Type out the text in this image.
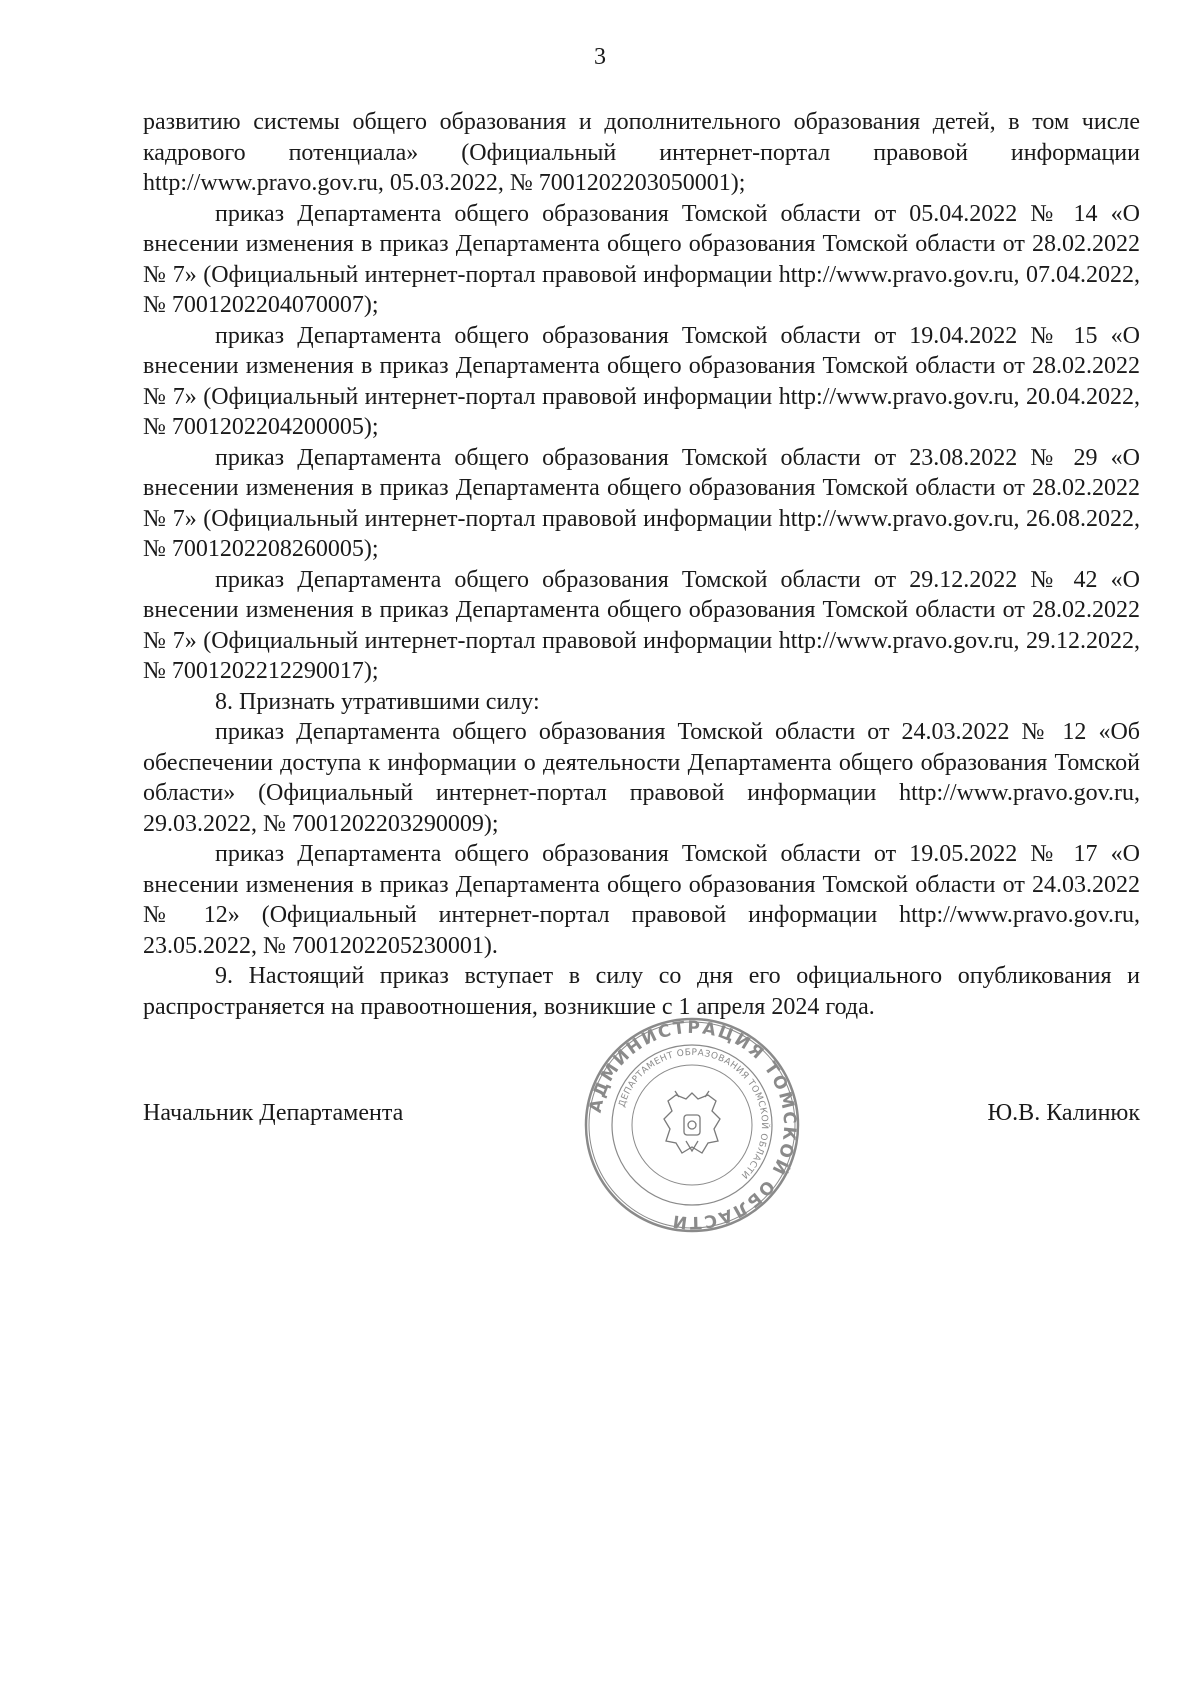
3

развитию системы общего образования и дополнительного образования детей, в том числе кадрового потенциала» (Официальный интернет-портал правовой информации http://www.pravo.gov.ru, 05.03.2022, № 7001202203050001);

приказ Департамента общего образования Томской области от 05.04.2022 № 14 «О внесении изменения в приказ Департамента общего образования Томской области от 28.02.2022 № 7» (Официальный интернет-портал правовой информации http://www.pravo.gov.ru, 07.04.2022, № 7001202204070007);

приказ Департамента общего образования Томской области от 19.04.2022 № 15 «О внесении изменения в приказ Департамента общего образования Томской области от 28.02.2022 № 7» (Официальный интернет-портал правовой информации http://www.pravo.gov.ru, 20.04.2022, № 7001202204200005);

приказ Департамента общего образования Томской области от 23.08.2022 № 29 «О внесении изменения в приказ Департамента общего образования Томской области от 28.02.2022 № 7» (Официальный интернет-портал правовой информации http://www.pravo.gov.ru, 26.08.2022, № 7001202208260005);

приказ Департамента общего образования Томской области от 29.12.2022 № 42 «О внесении изменения в приказ Департамента общего образования Томской области от 28.02.2022 № 7» (Официальный интернет-портал правовой информации http://www.pravo.gov.ru, 29.12.2022, № 7001202212290017);

8. Признать утратившими силу:

приказ Департамента общего образования Томской области от 24.03.2022 № 12 «Об обеспечении доступа к информации о деятельности Департамента общего образования Томской области» (Официальный интернет-портал правовой информации http://www.pravo.gov.ru, 29.03.2022, № 7001202203290009);

приказ Департамента общего образования Томской области от 19.05.2022 № 17 «О внесении изменения в приказ Департамента общего образования Томской области от 24.03.2022 № 12» (Официальный интернет-портал правовой информации http://www.pravo.gov.ru, 23.05.2022, № 7001202205230001).

9. Настоящий приказ вступает в силу со дня его официального опубликования и распространяется на правоотношения, возникшие с 1 апреля 2024 года.

Начальник Департамента	Ю.В. Калинюк
АДМИНИСТРАЦИЯ ТОМСКОЙ ОБЛАСТИ
ДЕПАРТАМЕНТ ОБРАЗОВАНИЯ ТОМСКОЙ ОБЛАСТИ
